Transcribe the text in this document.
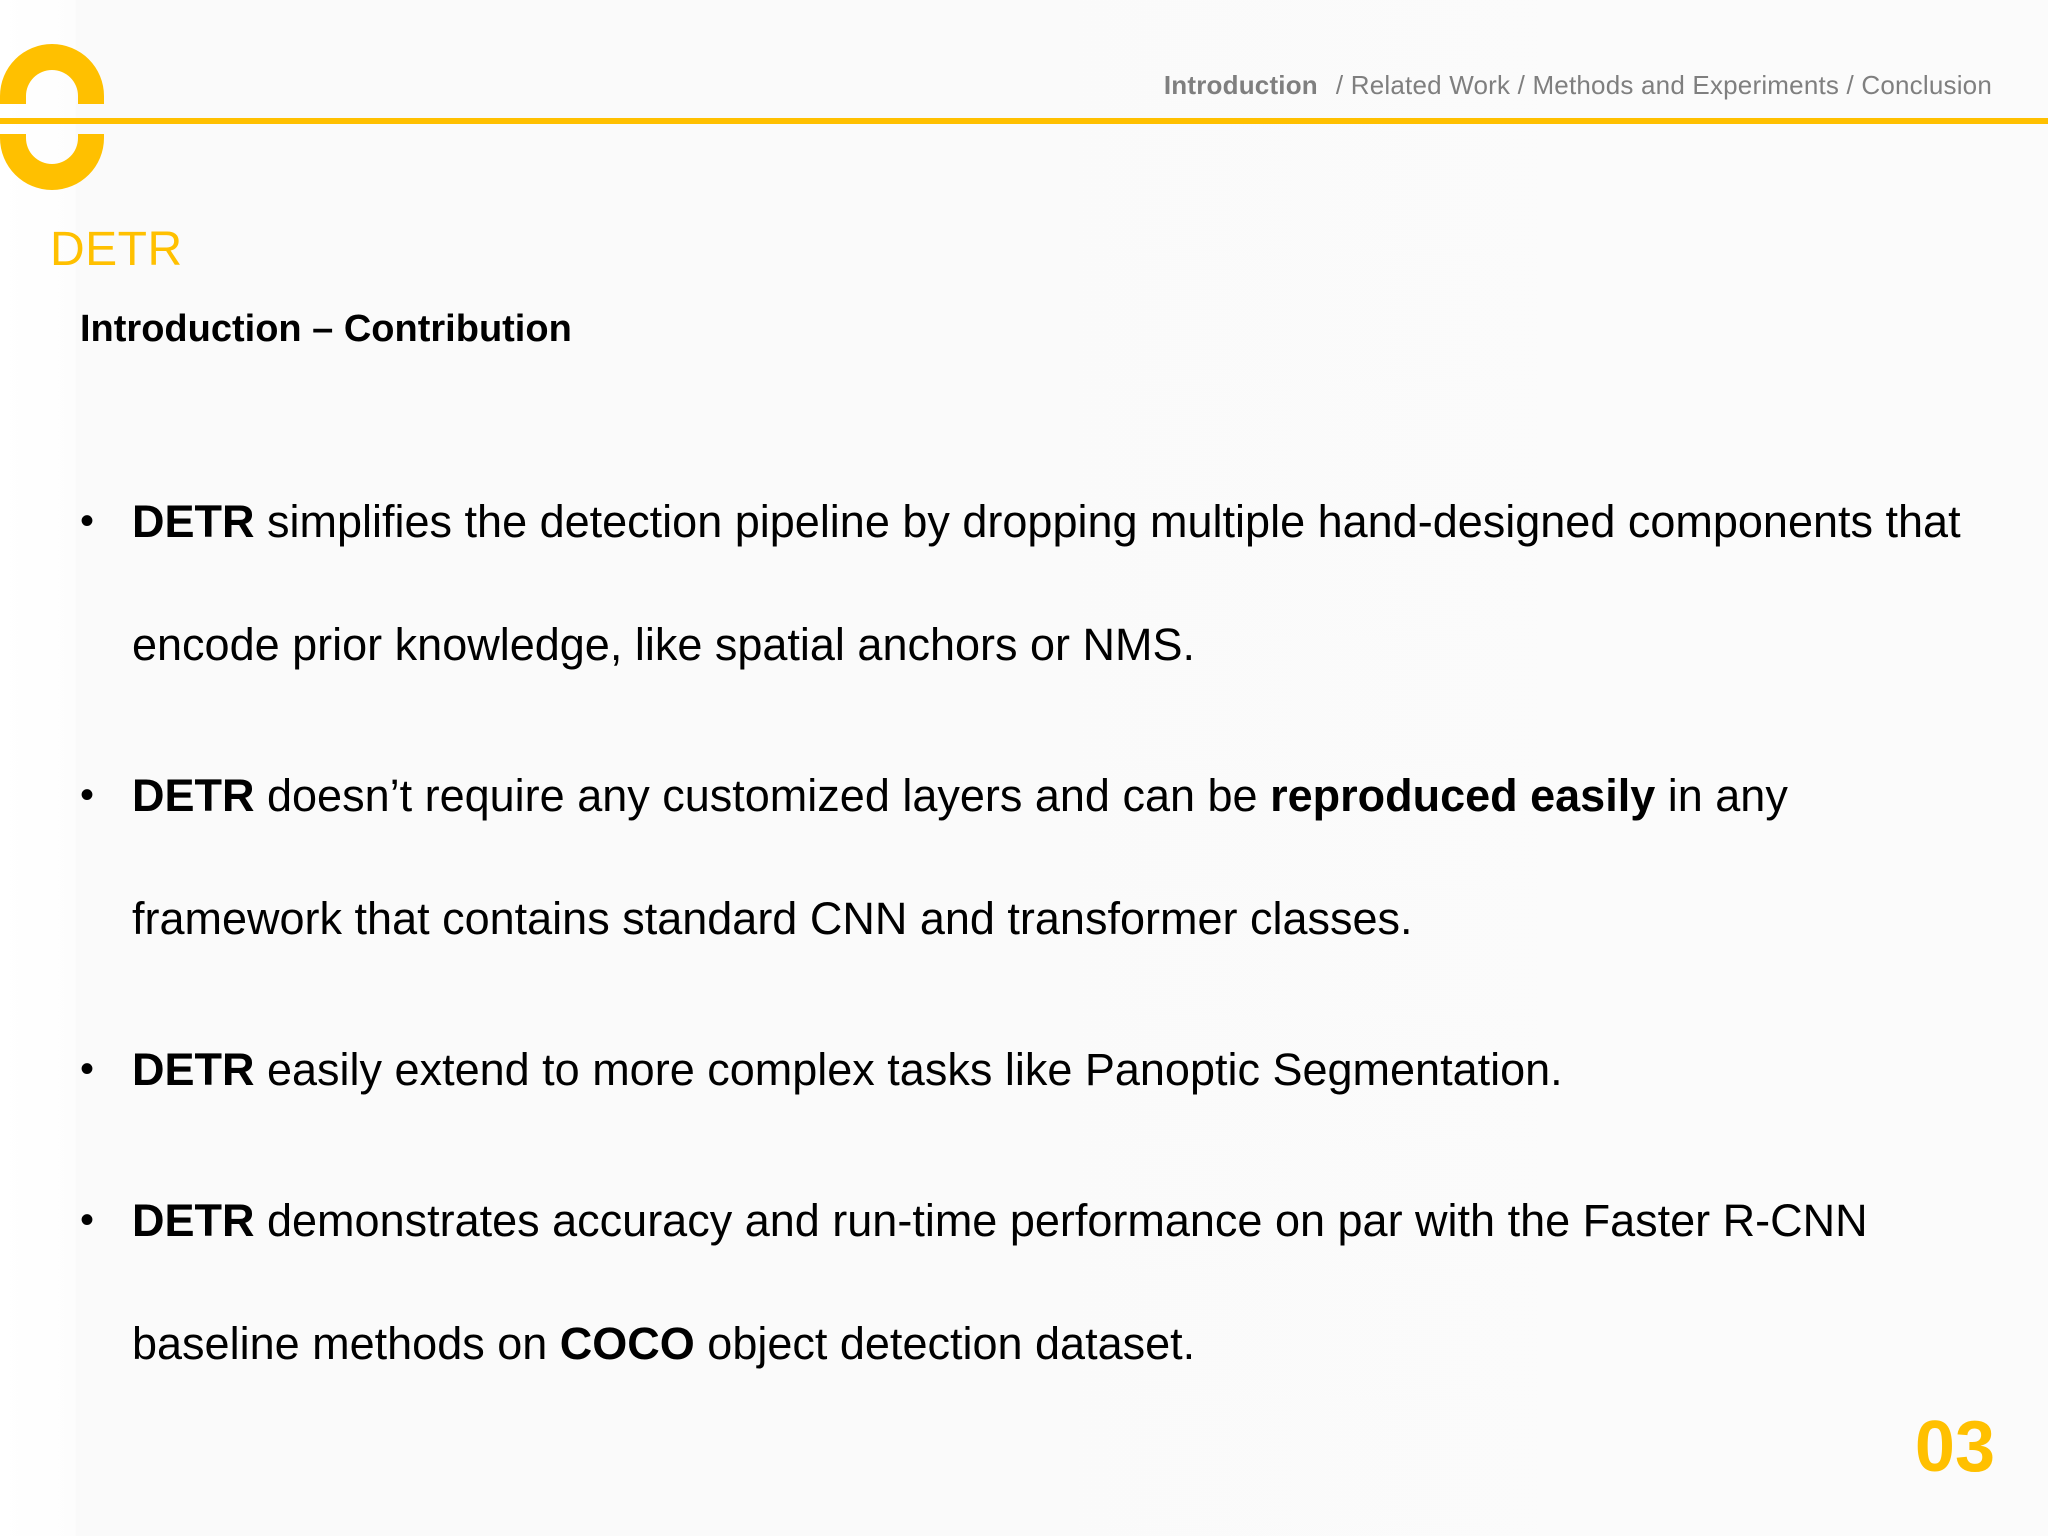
Introduction / Related Work / Methods and Experiments / Conclusion
DETR
Introduction – Contribution
• DETR simplifies the detection pipeline by dropping multiple hand-designed components that encode prior knowledge, like spatial anchors or NMS.
• DETR doesn’t require any customized layers and can be reproduced easily in any framework that contains standard CNN and transformer classes.
• DETR easily extend to more complex tasks like Panoptic Segmentation.
• DETR demonstrates accuracy and run-time performance on par with the Faster R-CNN baseline methods on COCO object detection dataset.
03
